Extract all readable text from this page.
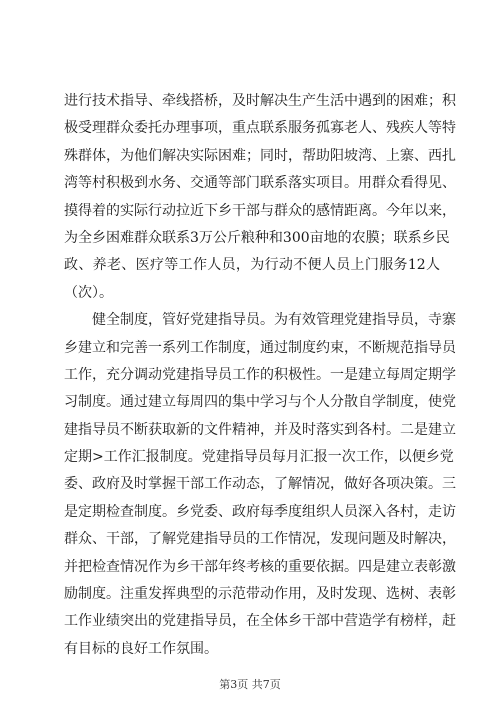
进行技术指导、牵线搭桥，及时解决生产生活中遇到的困难；积
极受理群众委托办理事项，重点联系服务孤寡老人、残疾人等特
殊群体，为他们解决实际困难；同时，帮助阳坡湾、上寨、西扎
湾等村积极到水务、交通等部门联系落实项目。用群众看得见、
摸得着的实际行动拉近下乡干部与群众的感情距离。今年以来，
为全乡困难群众联系3万公斤粮种和300亩地的农膜；联系乡民
政、养老、医疗等工作人员，为行动不便人员上门服务12人
（次）。
健全制度，管好党建指导员。为有效管理党建指导员，寺寨
乡建立和完善一系列工作制度，通过制度约束，不断规范指导员
工作，充分调动党建指导员工作的积极性。一是建立每周定期学
习制度。通过建立每周四的集中学习与个人分散自学制度，使党
建指导员不断获取新的文件精神，并及时落实到各村。二是建立
定期>工作汇报制度。党建指导员每月汇报一次工作，以便乡党
委、政府及时掌握干部工作动态，了解情况，做好各项决策。三
是定期检查制度。乡党委、政府每季度组织人员深入各村，走访
群众、干部，了解党建指导员的工作情况，发现问题及时解决，
并把检查情况作为乡干部年终考核的重要依据。四是建立表彰激
励制度。注重发挥典型的示范带动作用，及时发现、选树、表彰
工作业绩突出的党建指导员，在全体乡干部中营造学有榜样，赶
有目标的良好工作氛围。
第3页 共7页
